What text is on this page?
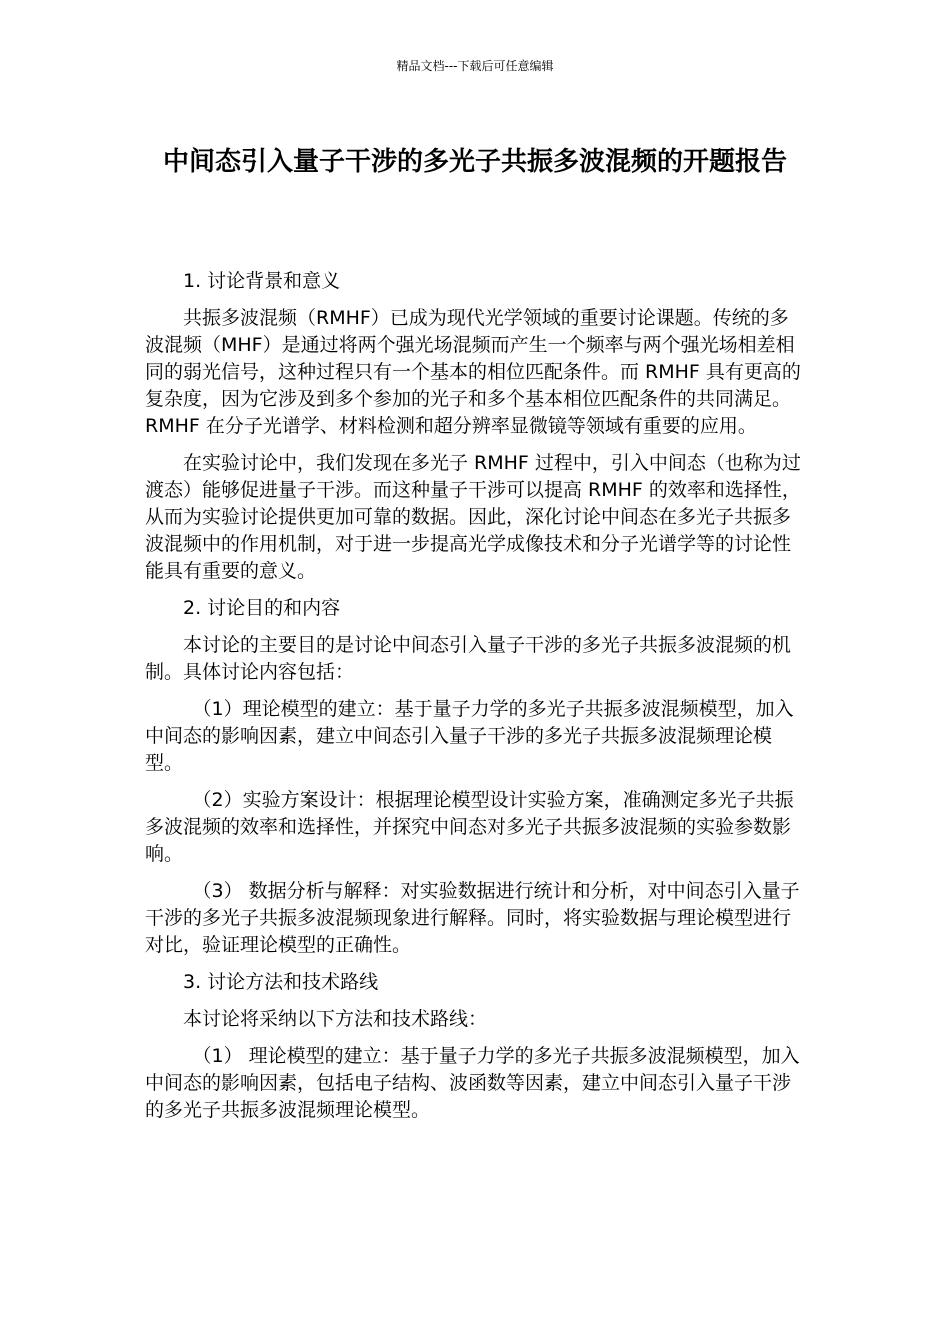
精品文档---下载后可任意编辑
中间态引入量子干涉的多光子共振多波混频的开题报告
1. 讨论背景和意义

共振多波混频（RMHF）已成为现代光学领域的重要讨论课题。传统的多波混频（MHF）是通过将两个强光场混频而产生一个频率与两个强光场相差相同的弱光信号，这种过程只有一个基本的相位匹配条件。而 RMHF 具有更高的复杂度，因为它涉及到多个参加的光子和多个基本相位匹配条件的共同满足。RMHF 在分子光谱学、材料检测和超分辨率显微镜等领域有重要的应用。

在实验讨论中，我们发现在多光子 RMHF 过程中，引入中间态（也称为过渡态）能够促进量子干涉。而这种量子干涉可以提高 RMHF 的效率和选择性，从而为实验讨论提供更加可靠的数据。因此，深化讨论中间态在多光子共振多波混频中的作用机制，对于进一步提高光学成像技术和分子光谱学等的讨论性能具有重要的意义。

2. 讨论目的和内容

本讨论的主要目的是讨论中间态引入量子干涉的多光子共振多波混频的机制。具体讨论内容包括：

（1）理论模型的建立：基于量子力学的多光子共振多波混频模型，加入中间态的影响因素，建立中间态引入量子干涉的多光子共振多波混频理论模型。

（2）实验方案设计：根据理论模型设计实验方案，准确测定多光子共振多波混频的效率和选择性，并探究中间态对多光子共振多波混频的实验参数影响。

（3） 数据分析与解释：对实验数据进行统计和分析，对中间态引入量子干涉的多光子共振多波混频现象进行解释。同时，将实验数据与理论模型进行对比，验证理论模型的正确性。

3. 讨论方法和技术路线

本讨论将采纳以下方法和技术路线：

（1） 理论模型的建立：基于量子力学的多光子共振多波混频模型，加入中间态的影响因素，包括电子结构、波函数等因素，建立中间态引入量子干涉的多光子共振多波混频理论模型。
